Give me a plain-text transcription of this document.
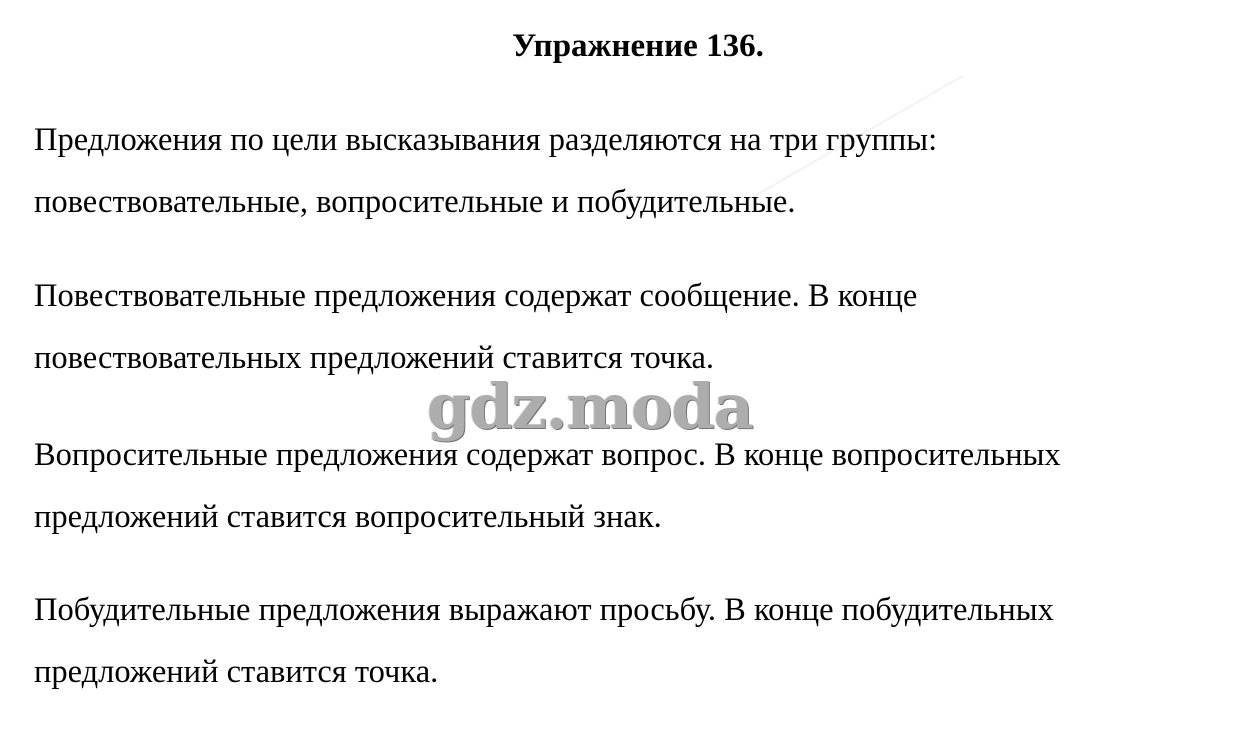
Упражнение 136.
Предложения по цели высказывания разделяются на три группы:
повествовательные, вопросительные и побудительные.
Повествовательные предложения содержат сообщение. В конце
повествовательных предложений ставится точка.
Вопросительные предложения содержат вопрос. В конце вопросительных
предложений ставится вопросительный знак.
Побудительные предложения выражают просьбу. В конце побудительных
предложений ставится точка.
gdz.moda
